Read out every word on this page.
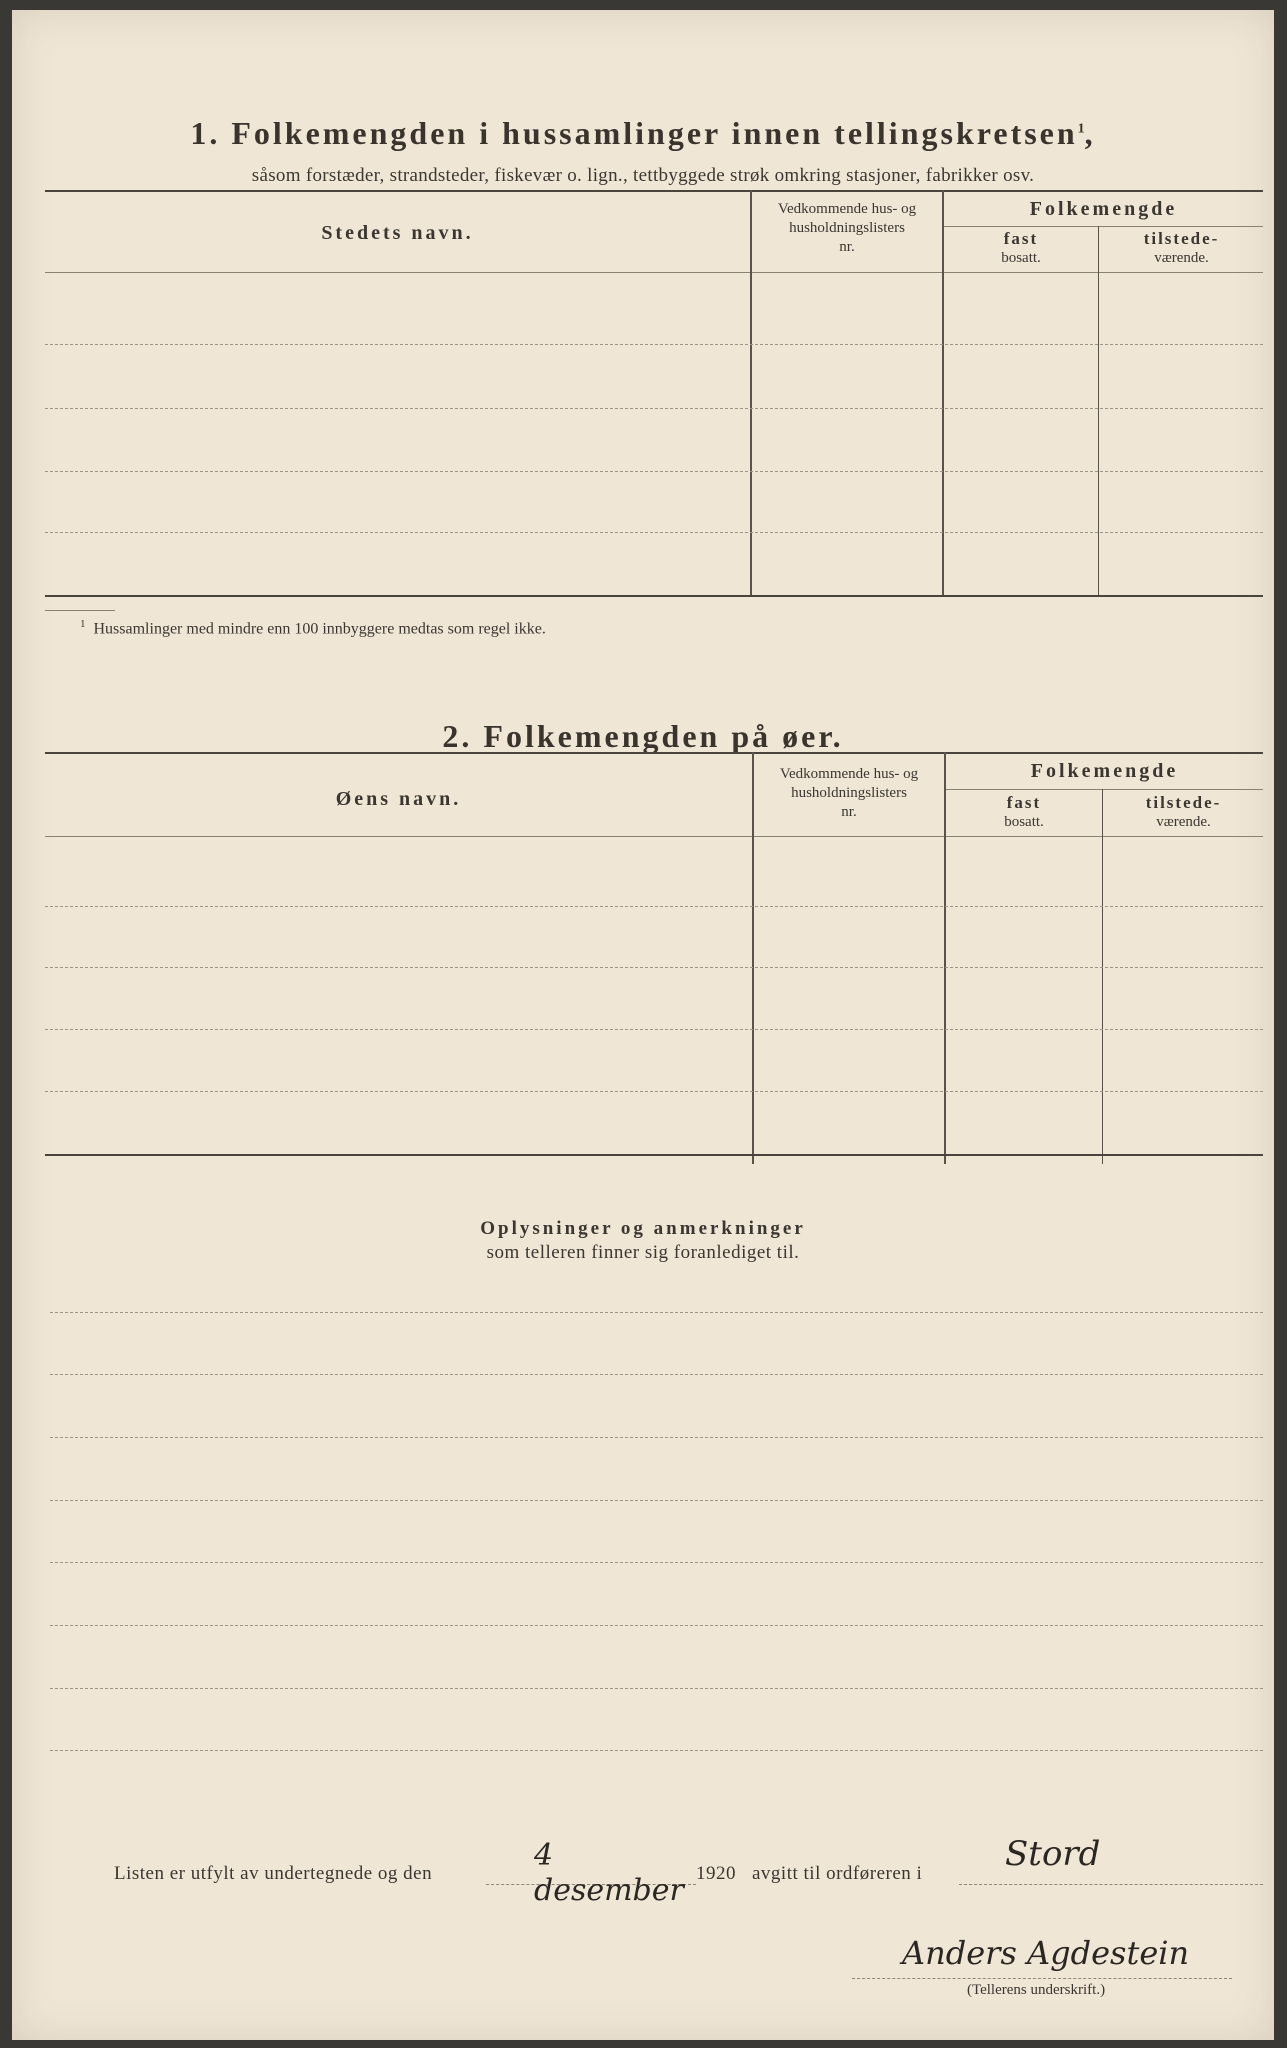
1. Folkemengden i hussamlinger innen tellingskretsen$^1$,
såsom forstæder, strandsteder, fiskevær o. lign., tettbyggede strøk omkring stasjoner, fabrikker osv.
Stedets navn.
Vedkommende hus- og
husholdningslisters
nr.
Folkemengde
fast
bosatt.
tilstede-
værende.
$^1$ Hussamlinger med mindre enn 100 innbyggere medtas som regel ikke.
2. Folkemengden på øer.
Øens navn.
Vedkommende hus- og
husholdningslisters
nr.
Folkemengde
fast
bosatt.
tilstede-
værende.
Oplysninger og anmerkninger
som telleren finner sig foranlediget til.
Listen er utfylt av undertegnede og den
4 desember 1920 avgitt til ordføreren i Stord
Anders Agdestein
(Tellerens underskrift.)
